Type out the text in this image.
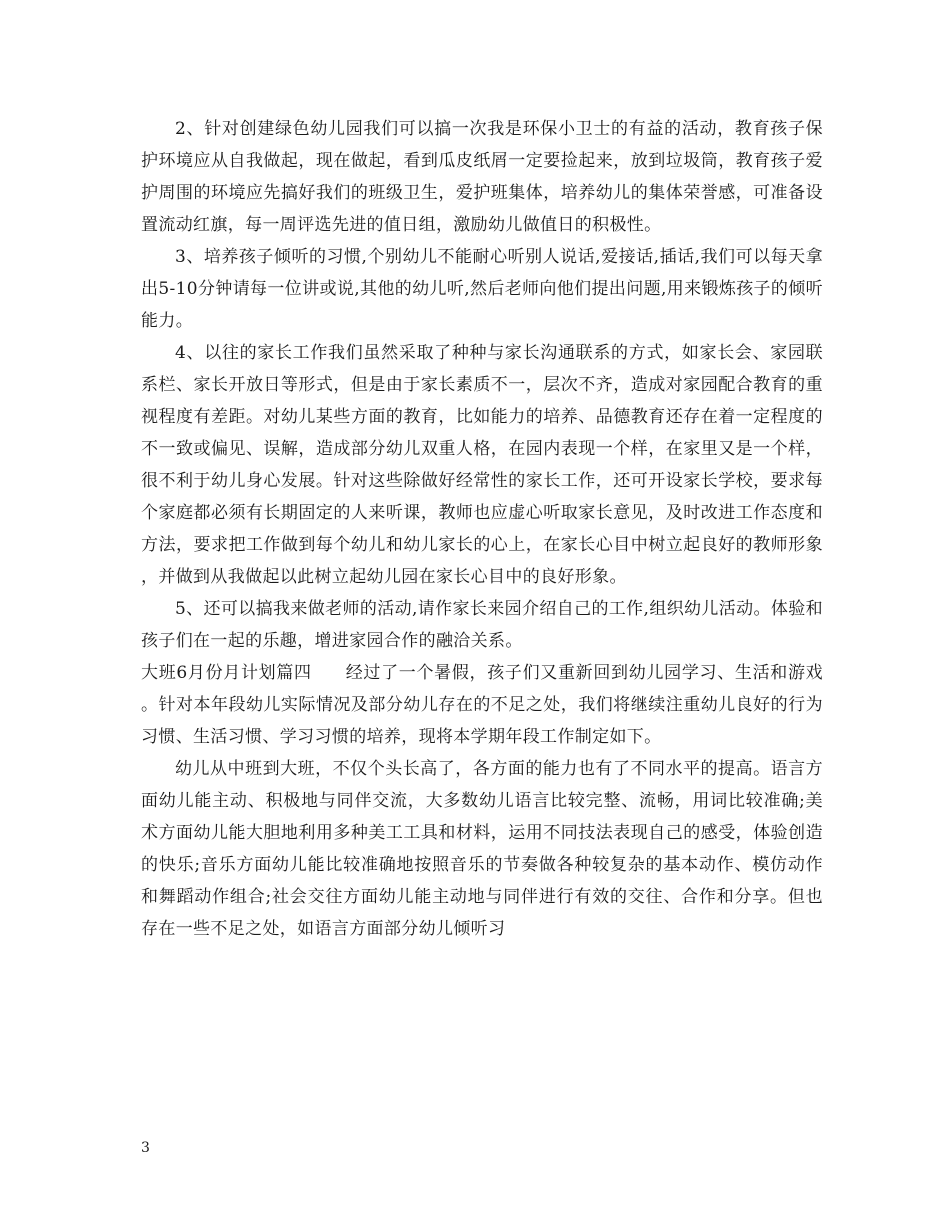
2、针对创建绿色幼儿园我们可以搞一次我是环保小卫士的有益的活动，教育孩子保护环境应从自我做起，现在做起，看到瓜皮纸屑一定要捡起来，放到垃圾筒，教育孩子爱护周围的环境应先搞好我们的班级卫生，爱护班集体，培养幼儿的集体荣誉感，可准备设置流动红旗，每一周评选先进的值日组，激励幼儿做值日的积极性。

3、培养孩子倾听的习惯,个别幼儿不能耐心听别人说话,爱接话,插话,我们可以每天拿出5-10分钟请每一位讲或说,其他的幼儿听,然后老师向他们提出问题,用来锻炼孩子的倾听能力。

4、以往的家长工作我们虽然采取了种种与家长沟通联系的方式，如家长会、家园联系栏、家长开放日等形式，但是由于家长素质不一，层次不齐，造成对家园配合教育的重视程度有差距。对幼儿某些方面的教育，比如能力的培养、品德教育还存在着一定程度的不一致或偏见、误解，造成部分幼儿双重人格，在园内表现一个样，在家里又是一个样，很不利于幼儿身心发展。针对这些除做好经常性的家长工作，还可开设家长学校，要求每个家庭都必须有长期固定的人来听课，教师也应虚心听取家长意见，及时改进工作态度和方法，要求把工作做到每个幼儿和幼儿家长的心上，在家长心目中树立起良好的教师形象，并做到从我做起以此树立起幼儿园在家长心目中的良好形象。

5、还可以搞我来做老师的活动,请作家长来园介绍自己的工作,组织幼儿活动。体验和孩子们在一起的乐趣，增进家园合作的融洽关系。

大班6月份月计划篇四 经过了一个暑假，孩子们又重新回到幼儿园学习、生活和游戏。针对本年段幼儿实际情况及部分幼儿存在的不足之处，我们将继续注重幼儿良好的行为习惯、生活习惯、学习习惯的培养，现将本学期年段工作制定如下。

幼儿从中班到大班，不仅个头长高了，各方面的能力也有了不同水平的提高。语言方面幼儿能主动、积极地与同伴交流，大多数幼儿语言比较完整、流畅，用词比较准确;美术方面幼儿能大胆地利用多种美工工具和材料，运用不同技法表现自己的感受，体验创造的快乐;音乐方面幼儿能比较准确地按照音乐的节奏做各种较复杂的基本动作、模仿动作和舞蹈动作组合;社会交往方面幼儿能主动地与同伴进行有效的交往、合作和分享。但也存在一些不足之处，如语言方面部分幼儿倾听习

3
